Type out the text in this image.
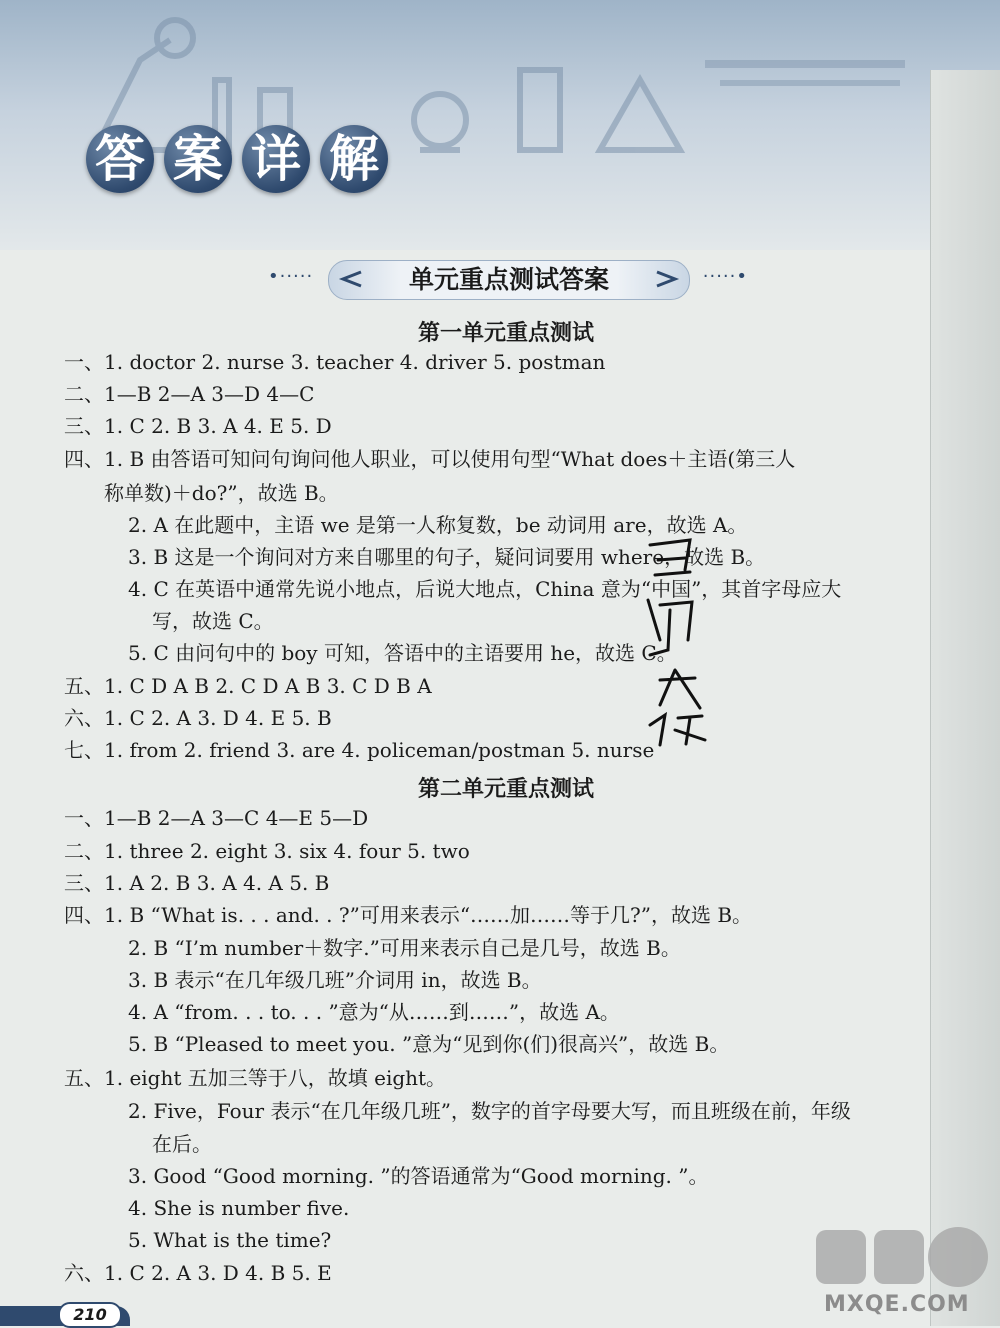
答 案 详 解
•·····	单元重点测试答案	·····•
第一单元重点测试
一、1. doctor 2. nurse 3. teacher 4. driver 5. postman
二、1—B 2—A 3—D 4—C
三、1. C 2. B 3. A 4. E 5. D
四、1. B 由答语可知问句询问他人职业，可以使用句型“What does＋主语(第三人
称单数)＋do?”，故选 B。
2. A 在此题中，主语 we 是第一人称复数，be 动词用 are，故选 A。
3. B 这是一个询问对方来自哪里的句子，疑问词要用 where，故选 B。
4. C 在英语中通常先说小地点，后说大地点，China 意为“中国”，其首字母应大
写，故选 C。
5. C 由问句中的 boy 可知，答语中的主语要用 he，故选 C。
五、1. C D A B 2. C D A B 3. C D B A
六、1. C 2. A 3. D 4. E 5. B
七、1. from 2. friend 3. are 4. policeman/postman 5. nurse
第二单元重点测试
一、1—B 2—A 3—C 4—E 5—D
二、1. three 2. eight 3. six 4. four 5. two
三、1. A 2. B 3. A 4. A 5. B
四、1. B “What is. . . and. . ?”可用来表示“……加……等于几?”，故选 B。
2. B “I’m number＋数字.”可用来表示自己是几号，故选 B。
3. B 表示“在几年级几班”介词用 in，故选 B。
4. A “from. . . to. . . ”意为“从……到……”，故选 A。
5. B “Pleased to meet you. ”意为“见到你(们)很高兴”，故选 B。
五、1. eight 五加三等于八，故填 eight。
2. Five，Four 表示“在几年级几班”，数字的首字母要大写，而且班级在前，年级
在后。
3. Good “Good morning. ”的答语通常为“Good morning. ”。
4. She is number five.
5. What is the time?
六、1. C 2. A 3. D 4. B 5. E
MXQE.COM
210
